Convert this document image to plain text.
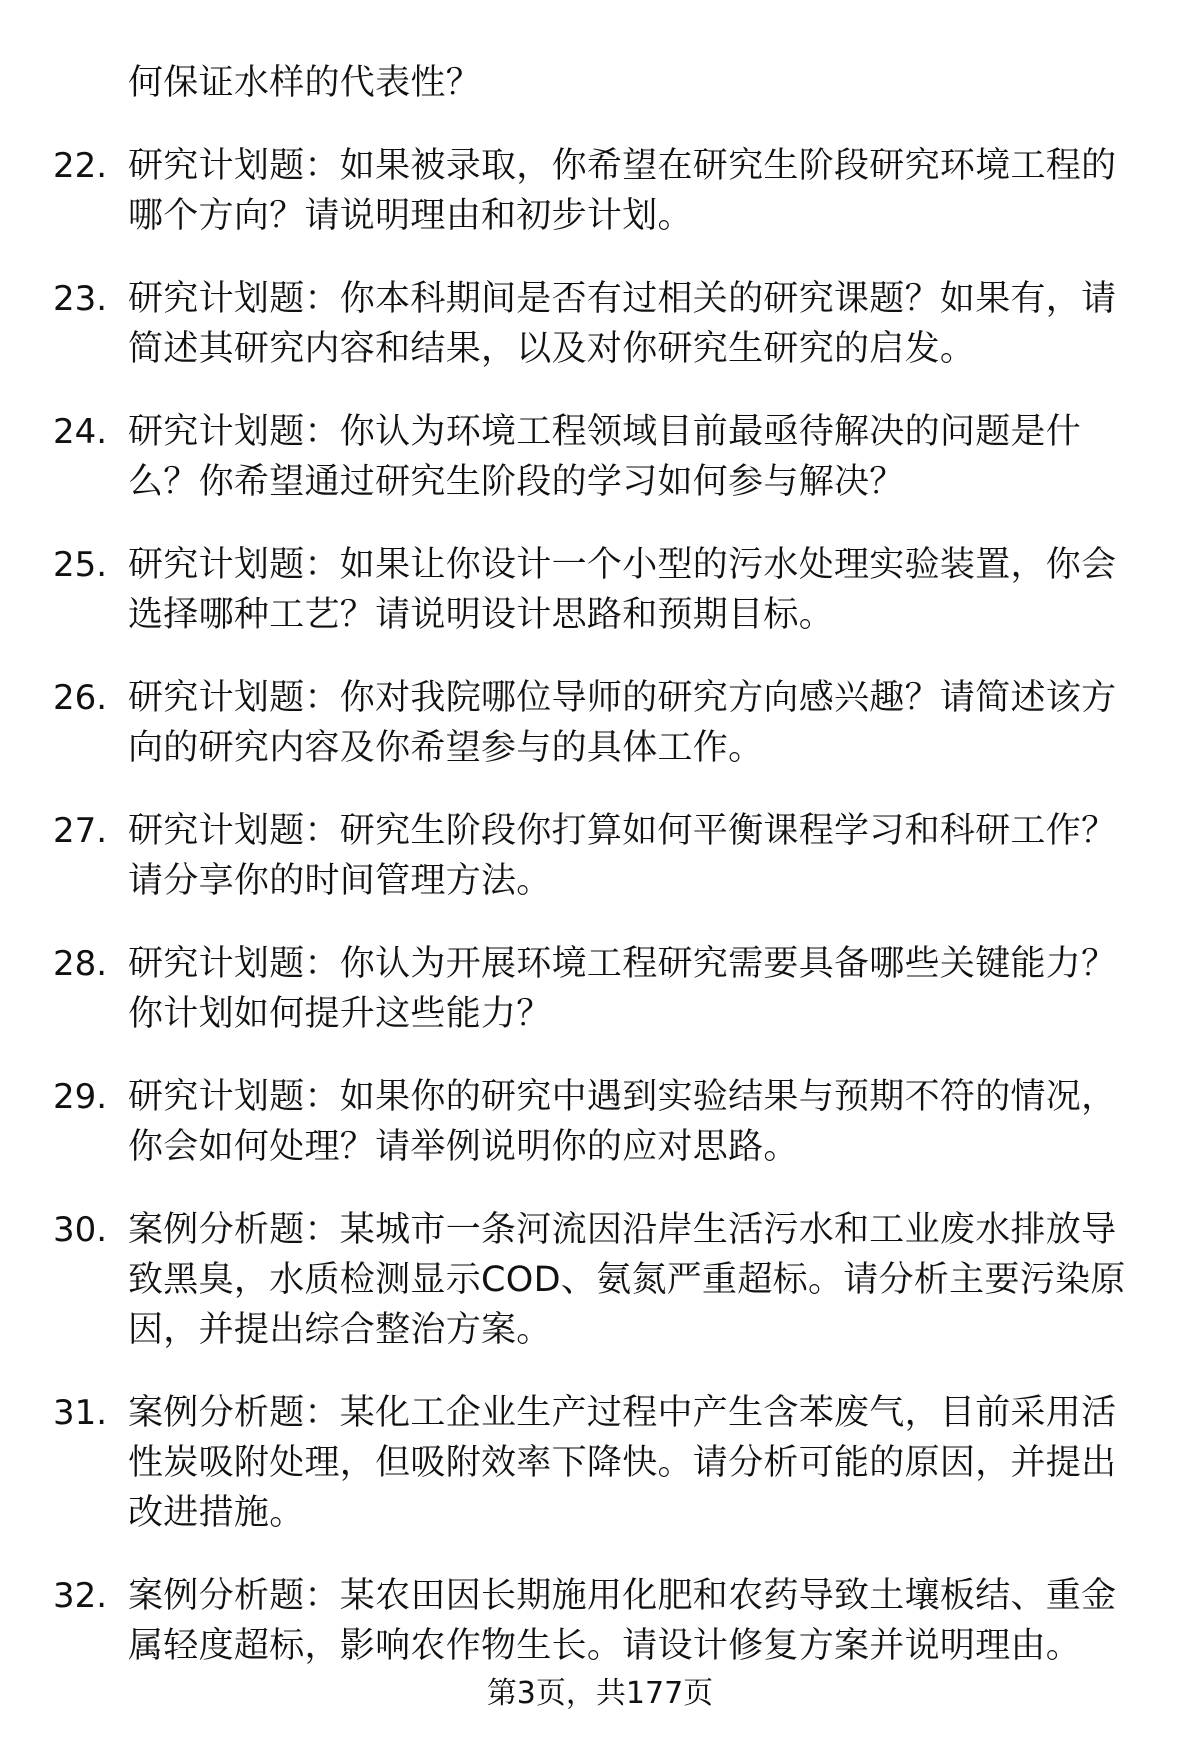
何保证水样的代表性？
22. 研究计划题：如果被录取，你希望在研究生阶段研究环境工程的
哪个方向？请说明理由和初步计划。
23. 研究计划题：你本科期间是否有过相关的研究课题？如果有，请
简述其研究内容和结果，以及对你研究生研究的启发。
24. 研究计划题：你认为环境工程领域目前最亟待解决的问题是什
么？你希望通过研究生阶段的学习如何参与解决？
25. 研究计划题：如果让你设计一个小型的污水处理实验装置，你会
选择哪种工艺？请说明设计思路和预期目标。
26. 研究计划题：你对我院哪位导师的研究方向感兴趣？请简述该方
向的研究内容及你希望参与的具体工作。
27. 研究计划题：研究生阶段你打算如何平衡课程学习和科研工作？
请分享你的时间管理方法。
28. 研究计划题：你认为开展环境工程研究需要具备哪些关键能力？
你计划如何提升这些能力？
29. 研究计划题：如果你的研究中遇到实验结果与预期不符的情况，
你会如何处理？请举例说明你的应对思路。
30. 案例分析题：某城市一条河流因沿岸生活污水和工业废水排放导
致黑臭，水质检测显示COD、氨氮严重超标。请分析主要污染原
因，并提出综合整治方案。
31. 案例分析题：某化工企业生产过程中产生含苯废气，目前采用活
性炭吸附处理，但吸附效率下降快。请分析可能的原因，并提出
改进措施。
32. 案例分析题：某农田因长期施用化肥和农药导致土壤板结、重金
属轻度超标，影响农作物生长。请设计修复方案并说明理由。
第3页，共177页
